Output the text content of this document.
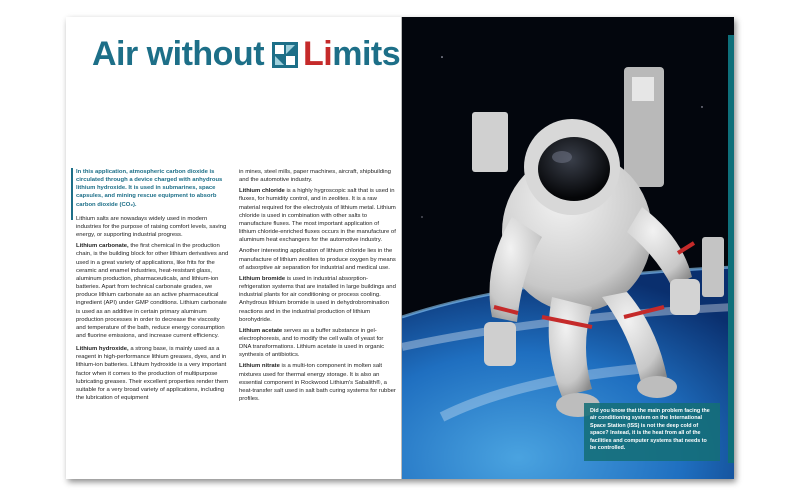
Air without Li mits

In this application, atmospheric carbon dioxide is circulated through a device charged with anhydrous lithium hydroxide. It is used in submarines, space capsules, and mining rescue equipment to absorb carbon dioxide (CO₂).

Lithium salts are nowadays widely used in modern industries for the purpose of raising comfort levels, saving energy, or supporting industrial progress.

Lithium carbonate, the first chemical in the production chain, is the building block for other lithium derivatives and used in a great variety of applications, like frits for the ceramic and enamel industries, heat-resistant glass, aluminum production, pharmaceuticals, and lithium-ion batteries. Apart from technical carbonate grades, we produce lithium carbonate as an active pharmaceutical ingredient (API) under GMP conditions. Lithium carbonate is used as an additive in certain primary aluminum production processes in order to decrease the viscosity and temperature of the bath, reduce energy consumption and fluorine emissions, and increase current efficiency.

Lithium hydroxide, a strong base, is mainly used as a reagent in high-performance lithium greases, dyes, and in lithium-ion batteries. Lithium hydroxide is a very important factor when it comes to the production of multipurpose lubricating greases. Their excellent properties render them suitable for a very broad variety of applications, including the lubrication of equipment

in mines, steel mills, paper machines, aircraft, shipbuilding and the automotive industry.

Lithium chloride is a highly hygroscopic salt that is used in fluxes, for humidity control, and in zeolites. It is a raw material required for the electrolysis of lithium metal. Lithium chloride is used in combination with other salts to manufacture fluxes. The most important application of lithium chloride-enriched fluxes occurs in the manufacture of aluminum heat exchangers for the automotive industry.

Another interesting application of lithium chloride lies in the manufacture of lithium zeolites to produce oxygen by means of adsorptive air separation for industrial and medical use.

Lithium bromide is used in industrial absorption-refrigeration systems that are installed in large buildings and industrial plants for air conditioning or process cooling. Anhydrous lithium bromide is used in dehydrobromination reactions and in the industrial production of lithium borohydride.

Lithium acetate serves as a buffer substance in gel-electrophoresis, and to modify the cell walls of yeast for DNA transformations. Lithium acetate is used in organic synthesis of antibiotics.

Lithium nitrate is a multi-ton component in molten salt mixtures used for thermal energy storage. It is also an essential component in Rockwood Lithium's Sabalith®, a heat-transfer salt used in salt bath curing systems for rubber profiles.

Did you know that the main problem facing the air conditioning system on the International Space Station (ISS) is not the deep cold of space? Instead, it is the heat from all of the facilities and computer systems that needs to be controlled.
